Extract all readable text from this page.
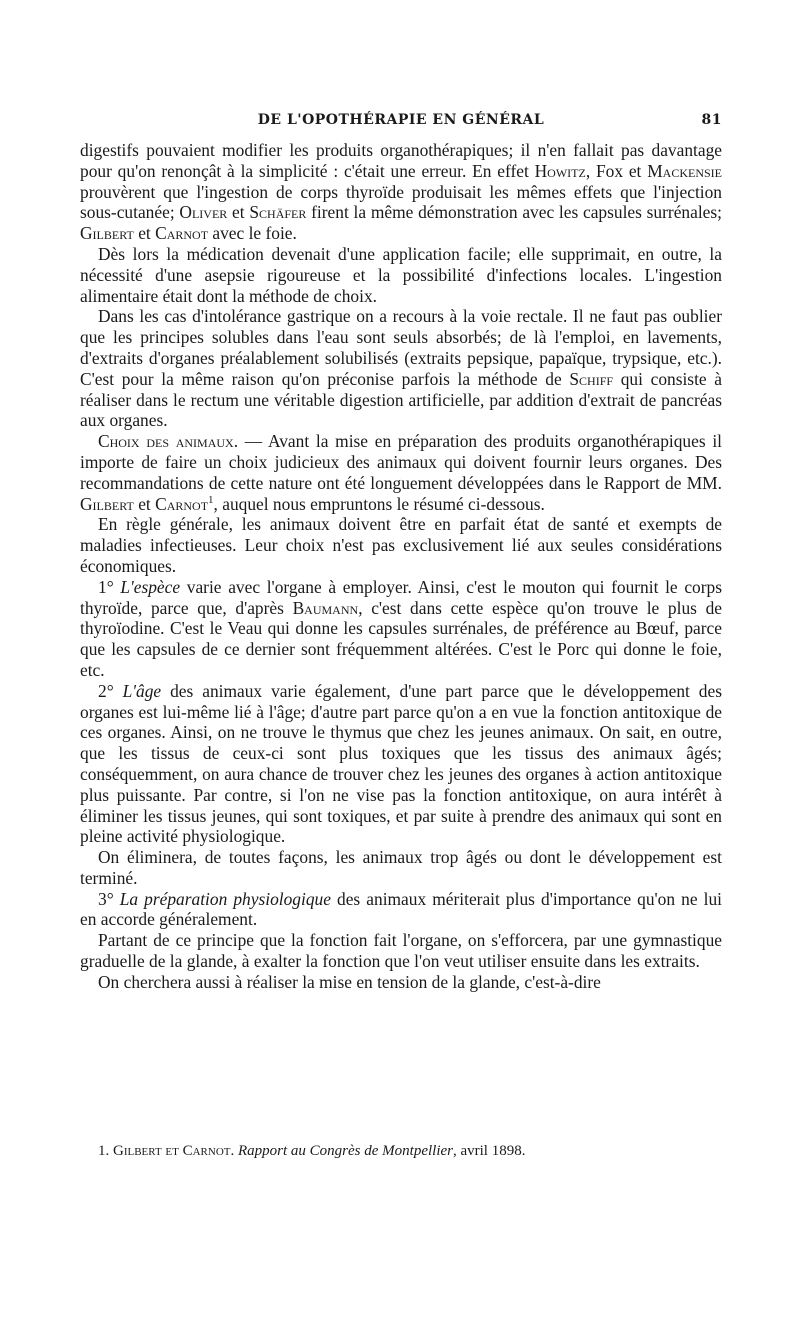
DE L'OPOTHÉRAPIE EN GÉNÉRAL	81

digestifs pouvaient modifier les produits organothérapiques; il n'en fallait pas davantage pour qu'on renonçât à la simplicité : c'était une erreur. En effet Howitz, Fox et Mackensie prouvèrent que l'ingestion de corps thyroïde produisait les mêmes effets que l'injection sous-cutanée; Oliver et Schäfer firent la même démonstration avec les capsules surrénales; Gilbert et Carnot avec le foie.

Dès lors la médication devenait d'une application facile; elle supprimait, en outre, la nécessité d'une asepsie rigoureuse et la possibilité d'infections locales. L'ingestion alimentaire était dont la méthode de choix.

Dans les cas d'intolérance gastrique on a recours à la voie rectale. Il ne faut pas oublier que les principes solubles dans l'eau sont seuls absorbés; de là l'emploi, en lavements, d'extraits d'organes préalablement solubilisés (extraits pepsique, papaïque, trypsique, etc.). C'est pour la même raison qu'on préconise parfois la méthode de Schiff qui consiste à réaliser dans le rectum une véritable digestion artificielle, par addition d'extrait de pancréas aux organes.

Choix des animaux. — Avant la mise en préparation des produits organothérapiques il importe de faire un choix judicieux des animaux qui doivent fournir leurs organes. Des recommandations de cette nature ont été longuement développées dans le Rapport de MM. Gilbert et Carnot$^1$, auquel nous empruntons le résumé ci-dessous.

En règle générale, les animaux doivent être en parfait état de santé et exempts de maladies infectieuses. Leur choix n'est pas exclusivement lié aux seules considérations économiques.

1° L'espèce varie avec l'organe à employer. Ainsi, c'est le mouton qui fournit le corps thyroïde, parce que, d'après Baumann, c'est dans cette espèce qu'on trouve le plus de thyroïodine. C'est le Veau qui donne les capsules surrénales, de préférence au Bœuf, parce que les capsules de ce dernier sont fréquemment altérées. C'est le Porc qui donne le foie, etc.

2° L'âge des animaux varie également, d'une part parce que le développement des organes est lui-même lié à l'âge; d'autre part parce qu'on a en vue la fonction antitoxique de ces organes. Ainsi, on ne trouve le thymus que chez les jeunes animaux. On sait, en outre, que les tissus de ceux-ci sont plus toxiques que les tissus des animaux âgés; conséquemment, on aura chance de trouver chez les jeunes des organes à action antitoxique plus puissante. Par contre, si l'on ne vise pas la fonction antitoxique, on aura intérêt à éliminer les tissus jeunes, qui sont toxiques, et par suite à prendre des animaux qui sont en pleine activité physiologique.

On éliminera, de toutes façons, les animaux trop âgés ou dont le développement est terminé.

3° La préparation physiologique des animaux mériterait plus d'importance qu'on ne lui en accorde généralement.

Partant de ce principe que la fonction fait l'organe, on s'efforcera, par une gymnastique graduelle de la glande, à exalter la fonction que l'on veut utiliser ensuite dans les extraits.

On cherchera aussi à réaliser la mise en tension de la glande, c'est-à-dire

1. Gilbert et Carnot. Rapport au Congrès de Montpellier, avril 1898.
